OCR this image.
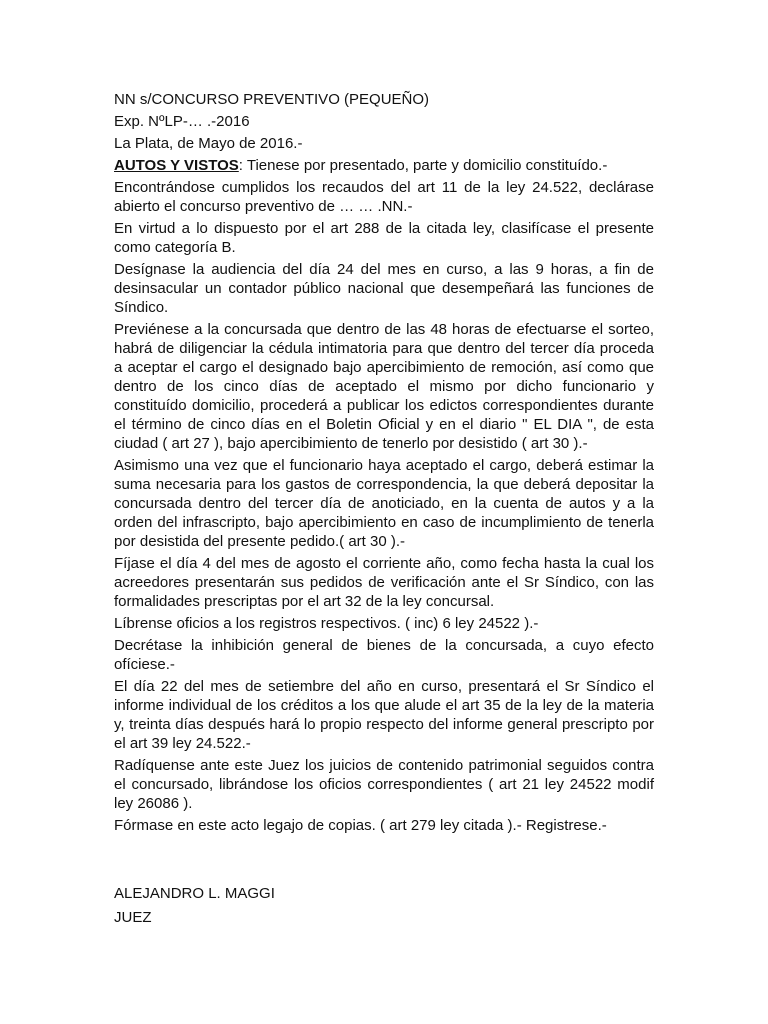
NN s/CONCURSO PREVENTIVO (PEQUEÑO)

Exp. NºLP-… .-2016

La Plata, de Mayo de 2016.-

AUTOS Y VISTOS: Tienese por presentado, parte y domicilio constituído.-

Encontrándose cumplidos los recaudos del art 11 de la ley 24.522, declárase abierto el concurso preventivo de … … .NN.-

En virtud a lo dispuesto por el art 288 de la citada ley, clasifícase el presente como categoría B.

Desígnase la audiencia del día 24 del mes en curso, a las 9 horas, a fin de desinsacular un contador público nacional que desempeñará las funciones de Síndico.

Previénese a la concursada que dentro de las 48 horas de efectuarse el sorteo, habrá de diligenciar la cédula intimatoria para que dentro del tercer día proceda a aceptar el cargo el designado bajo apercibimiento de remoción, así como que dentro de los cinco días de aceptado el mismo por dicho funcionario y constituído domicilio, procederá a publicar los edictos correspondientes durante el término de cinco días en el Boletin Oficial y en el diario " EL DIA ", de esta ciudad ( art 27 ), bajo apercibimiento de tenerlo por desistido ( art 30 ).-

Asimismo una vez que el funcionario haya aceptado el cargo, deberá estimar la suma necesaria para los gastos de correspondencia, la que deberá depositar la concursada dentro del tercer día de anoticiado, en la cuenta de autos y a la orden del infrascripto, bajo apercibimiento en caso de incumplimiento de tenerla por desistida del presente pedido.( art 30 ).-

Fíjase el día 4 del mes de agosto el corriente año, como fecha hasta la cual los acreedores presentarán sus pedidos de verificación ante el Sr Síndico, con las formalidades prescriptas por el art 32 de la ley concursal.

Líbrense oficios a los registros respectivos. ( inc) 6 ley 24522 ).-

Decrétase la inhibición general de bienes de la concursada, a cuyo efecto ofíciese.-

El día 22 del mes de setiembre del año en curso, presentará el Sr Síndico el informe individual de los créditos a los que alude el art 35 de la ley de la materia y, treinta días después hará lo propio respecto del informe general prescripto por el art 39 ley 24.522.-

Radíquense ante este Juez los juicios de contenido patrimonial seguidos contra el concursado, librándose los oficios correspondientes ( art 21 ley 24522 modif ley 26086 ).

Fórmase en este acto legajo de copias. ( art 279 ley citada ).- Registrese.-

ALEJANDRO L. MAGGI
JUEZ
